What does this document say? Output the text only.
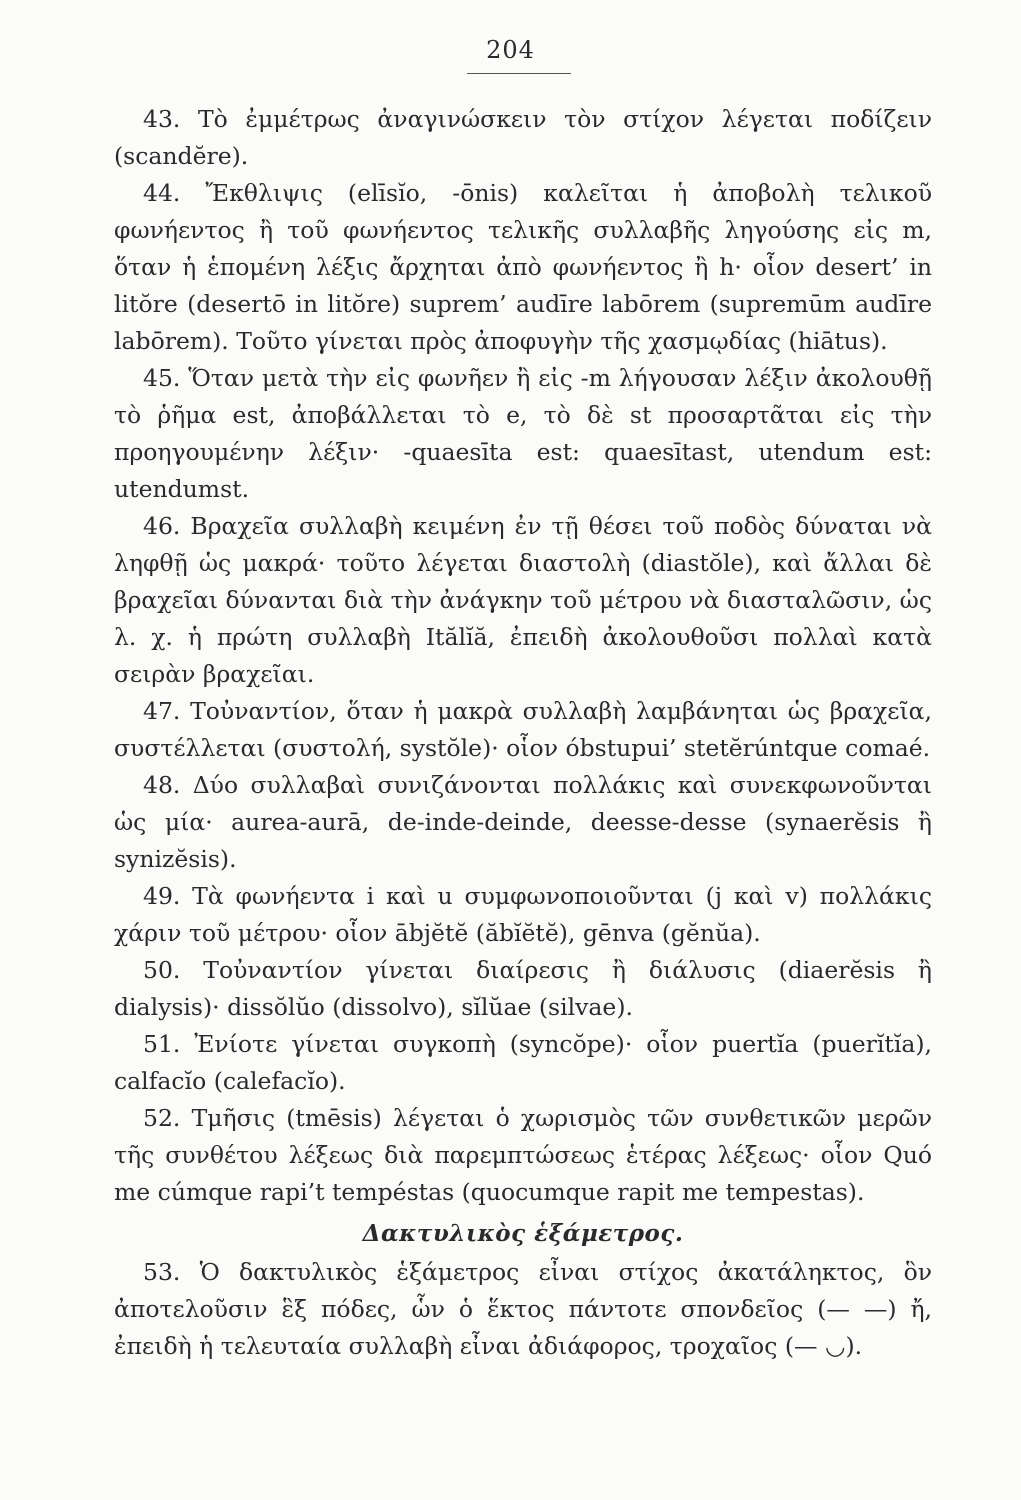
204

43. Τὸ ἐμμέτρως ἀναγινώσκειν τὸν στίχον λέγεται ποδίζειν (scandĕre).

44. Ἔκθλιψις (elīsĭo, -ōnis) καλεῖται ἡ ἀποβολὴ τελικοῦ φωνήεντος ἢ τοῦ φωνήεντος τελικῆς συλλαβῆς ληγούσης εἰς m, ὅταν ἡ ἑπομένη λέξις ἄρχηται ἀπὸ φωνήεντος ἢ h· οἷον desert’ in litŏre (desertō in litŏre) suprem’ audīre labōrem (supremūm audīre labōrem). Τοῦτο γίνεται πρὸς ἀποφυγὴν τῆς χασμῳδίας (hiātus).

45. Ὅταν μετὰ τὴν εἰς φωνῆεν ἢ εἰς -m λήγουσαν λέξιν ἀκολουθῇ τὸ ῥῆμα est, ἀποβάλλεται τὸ e, τὸ δὲ st προσαρτᾶται εἰς τὴν προηγουμένην λέξιν· -quaesīta est: quaesītast, utendum est: utendumst.

46. Βραχεῖα συλλαβὴ κειμένη ἐν τῇ θέσει τοῦ ποδὸς δύναται νὰ ληφθῇ ὡς μακρά· τοῦτο λέγεται διαστολὴ (diastŏle), καὶ ἄλλαι δὲ βραχεῖαι δύνανται διὰ τὴν ἀνάγκην τοῦ μέτρου νὰ διασταλῶσιν, ὡς λ. χ. ἡ πρώτη συλλαβὴ Itălĭă, ἐπειδὴ ἀκολουθοῦσι πολλαὶ κατὰ σειρὰν βραχεῖαι.

47. Τοὐναντίον, ὅταν ἡ μακρὰ συλλαβὴ λαμβάνηται ὡς βραχεῖα, συστέλλεται (συστολή, systŏle)· οἷον óbstupui’ stetĕrúntque comaé.

48. Δύο συλλαβαὶ συνιζάνονται πολλάκις καὶ συνεκφωνοῦνται ὡς μία· aurea-aurā, de-inde-deinde, deesse-desse (synaerĕsis ἢ synizĕsis).

49. Τὰ φωνήεντα i καὶ u συμφωνοποιοῦνται (j καὶ v) πολλάκις χάριν τοῦ μέτρου· οἷον ābjĕtĕ (ăbĭĕtĕ), gēnva (gĕnŭa).

50. Τοὐναντίον γίνεται διαίρεσις ἢ διάλυσις (diaerĕsis ἢ dialysis)· dissŏlŭo (dissolvo), sĭlŭae (silvae).

51. Ἐνίοτε γίνεται συγκοπὴ (syncŏpe)· οἷον puertĭa (puerĭtĭa), calfacĭo (calefacĭo).

52. Τμῆσις (tmēsis) λέγεται ὁ χωρισμὸς τῶν συνθετικῶν μερῶν τῆς συνθέτου λέξεως διὰ παρεμπτώσεως ἑτέρας λέξεως· οἷον Quó me cúmque rapi’t tempéstas (quocumque rapit me tempestas).

Δακτυλικὸς ἑξάμετρος.

53. Ὁ δακτυλικὸς ἑξάμετρος εἶναι στίχος ἀκατάληκτος, ὃν ἀποτελοῦσιν ἓξ πόδες, ὧν ὁ ἕκτος πάντοτε σπονδεῖος (— —) ἤ, ἐπειδὴ ἡ τελευταία συλλαβὴ εἶναι ἀδιάφορος, τροχαῖος (— ◡).
